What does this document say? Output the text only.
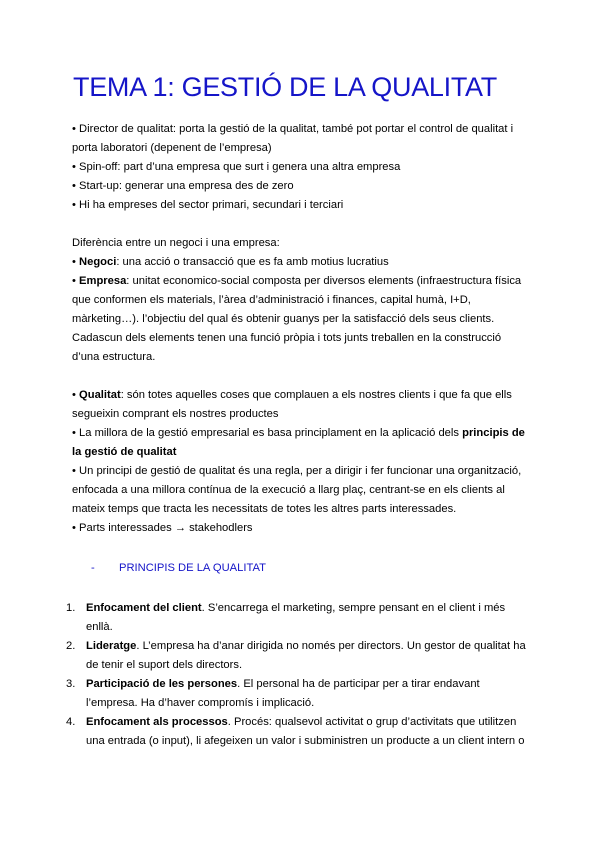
TEMA 1: GESTIÓ DE LA QUALITAT

• Director de qualitat: porta la gestió de la qualitat, també pot portar el control de qualitat i

porta laboratori (depenent de l’empresa)

• Spin-off: part d’una empresa que surt i genera una altra empresa

• Start-up: generar una empresa des de zero

• Hi ha empreses del sector primari, secundari i terciari

Diferència entre un negoci i una empresa:

• Negoci: una acció o transacció que es fa amb motius lucratius

• Empresa: unitat economico-social composta per diversos elements (infraestructura física

que conformen els materials, l’àrea d’administració i finances, capital humà, I+D,

màrketing…). l’objectiu del qual és obtenir guanys per la satisfacció dels seus clients.

Cadascun dels elements tenen una funció pròpia i tots junts treballen en la construcció

d’una estructura.

• Qualitat: són totes aquelles coses que complauen a els nostres clients i que fa que ells

segueixin comprant els nostres productes

• La millora de la gestió empresarial es basa principlament en la aplicació dels principis de

la gestió de qualitat

• Un principi de gestió de qualitat és una regla, per a dirigir i fer funcionar una organització,

enfocada a una millora contínua de la execució a llarg plaç, centrant-se en els clients al

mateix temps que tracta les necessitats de totes les altres parts interessades.

• Parts interessades → stakehodlers

- PRINCIPIS DE LA QUALITAT
1. Enfocament del client. S’encarrega el marketing, sempre pensant en el client i més

enllà.

2. Lideratge. L’empresa ha d’anar dirigida no només per directors. Un gestor de qualitat ha

de tenir el suport dels directors.

3. Participació de les persones. El personal ha de participar per a tirar endavant

l’empresa. Ha d’haver compromís i implicació.

4. Enfocament als processos. Procés: qualsevol activitat o grup d’activitats que utilitzen

una entrada (o input), li afegeixen un valor i subministren un producte a un client intern o
